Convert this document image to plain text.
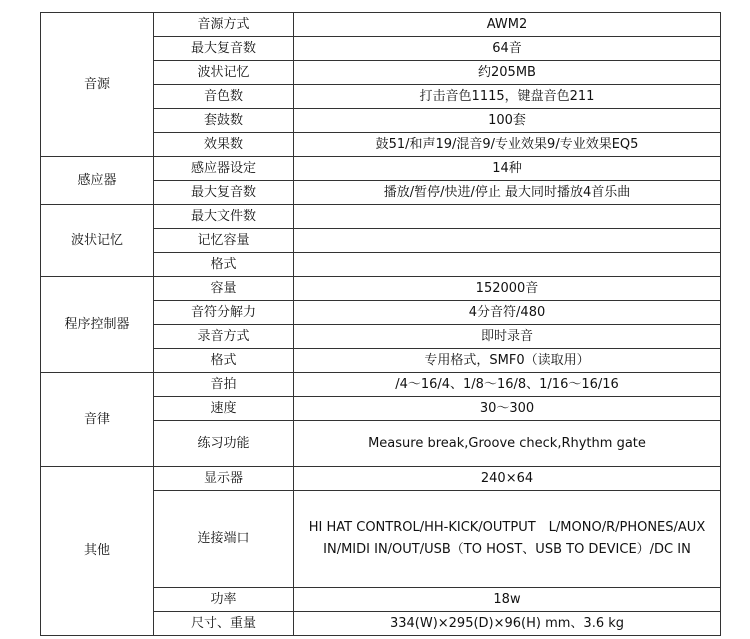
音源	音源方式	AWM2
	最大复音数	64音
	波状记忆	约205MB
	音色数	打击音色1115，键盘音色211
	套鼓数	100套
	效果数	鼓51/和声19/混音9/专业效果9/专业效果EQ5
感应器	感应器设定	14种
	最大复音数	播放/暂停/快进/停止 最大同时播放4首乐曲
波状记忆	最大文件数	
	记忆容量	
	格式	
程序控制器	容量	152000音
	音符分解力	4分音符/480
	录音方式	即时录音
	格式	专用格式，SMF0（读取用）
音律	音拍	/4～16/4、1/8～16/8、1/16～16/16
	速度	30～300
	练习功能	Measure break,Groove check,Rhythm gate
其他	显示器	240×64
	连接端口	HI HAT CONTROL/HH-KICK/OUTPUT　L/MONO/R/PHONES/AUX IN/MIDI IN/OUT/USB（TO HOST、USB TO DEVICE）/DC IN
	功率	18w
	尺寸、重量	334(W)×295(D)×96(H) mm、3.6 kg
